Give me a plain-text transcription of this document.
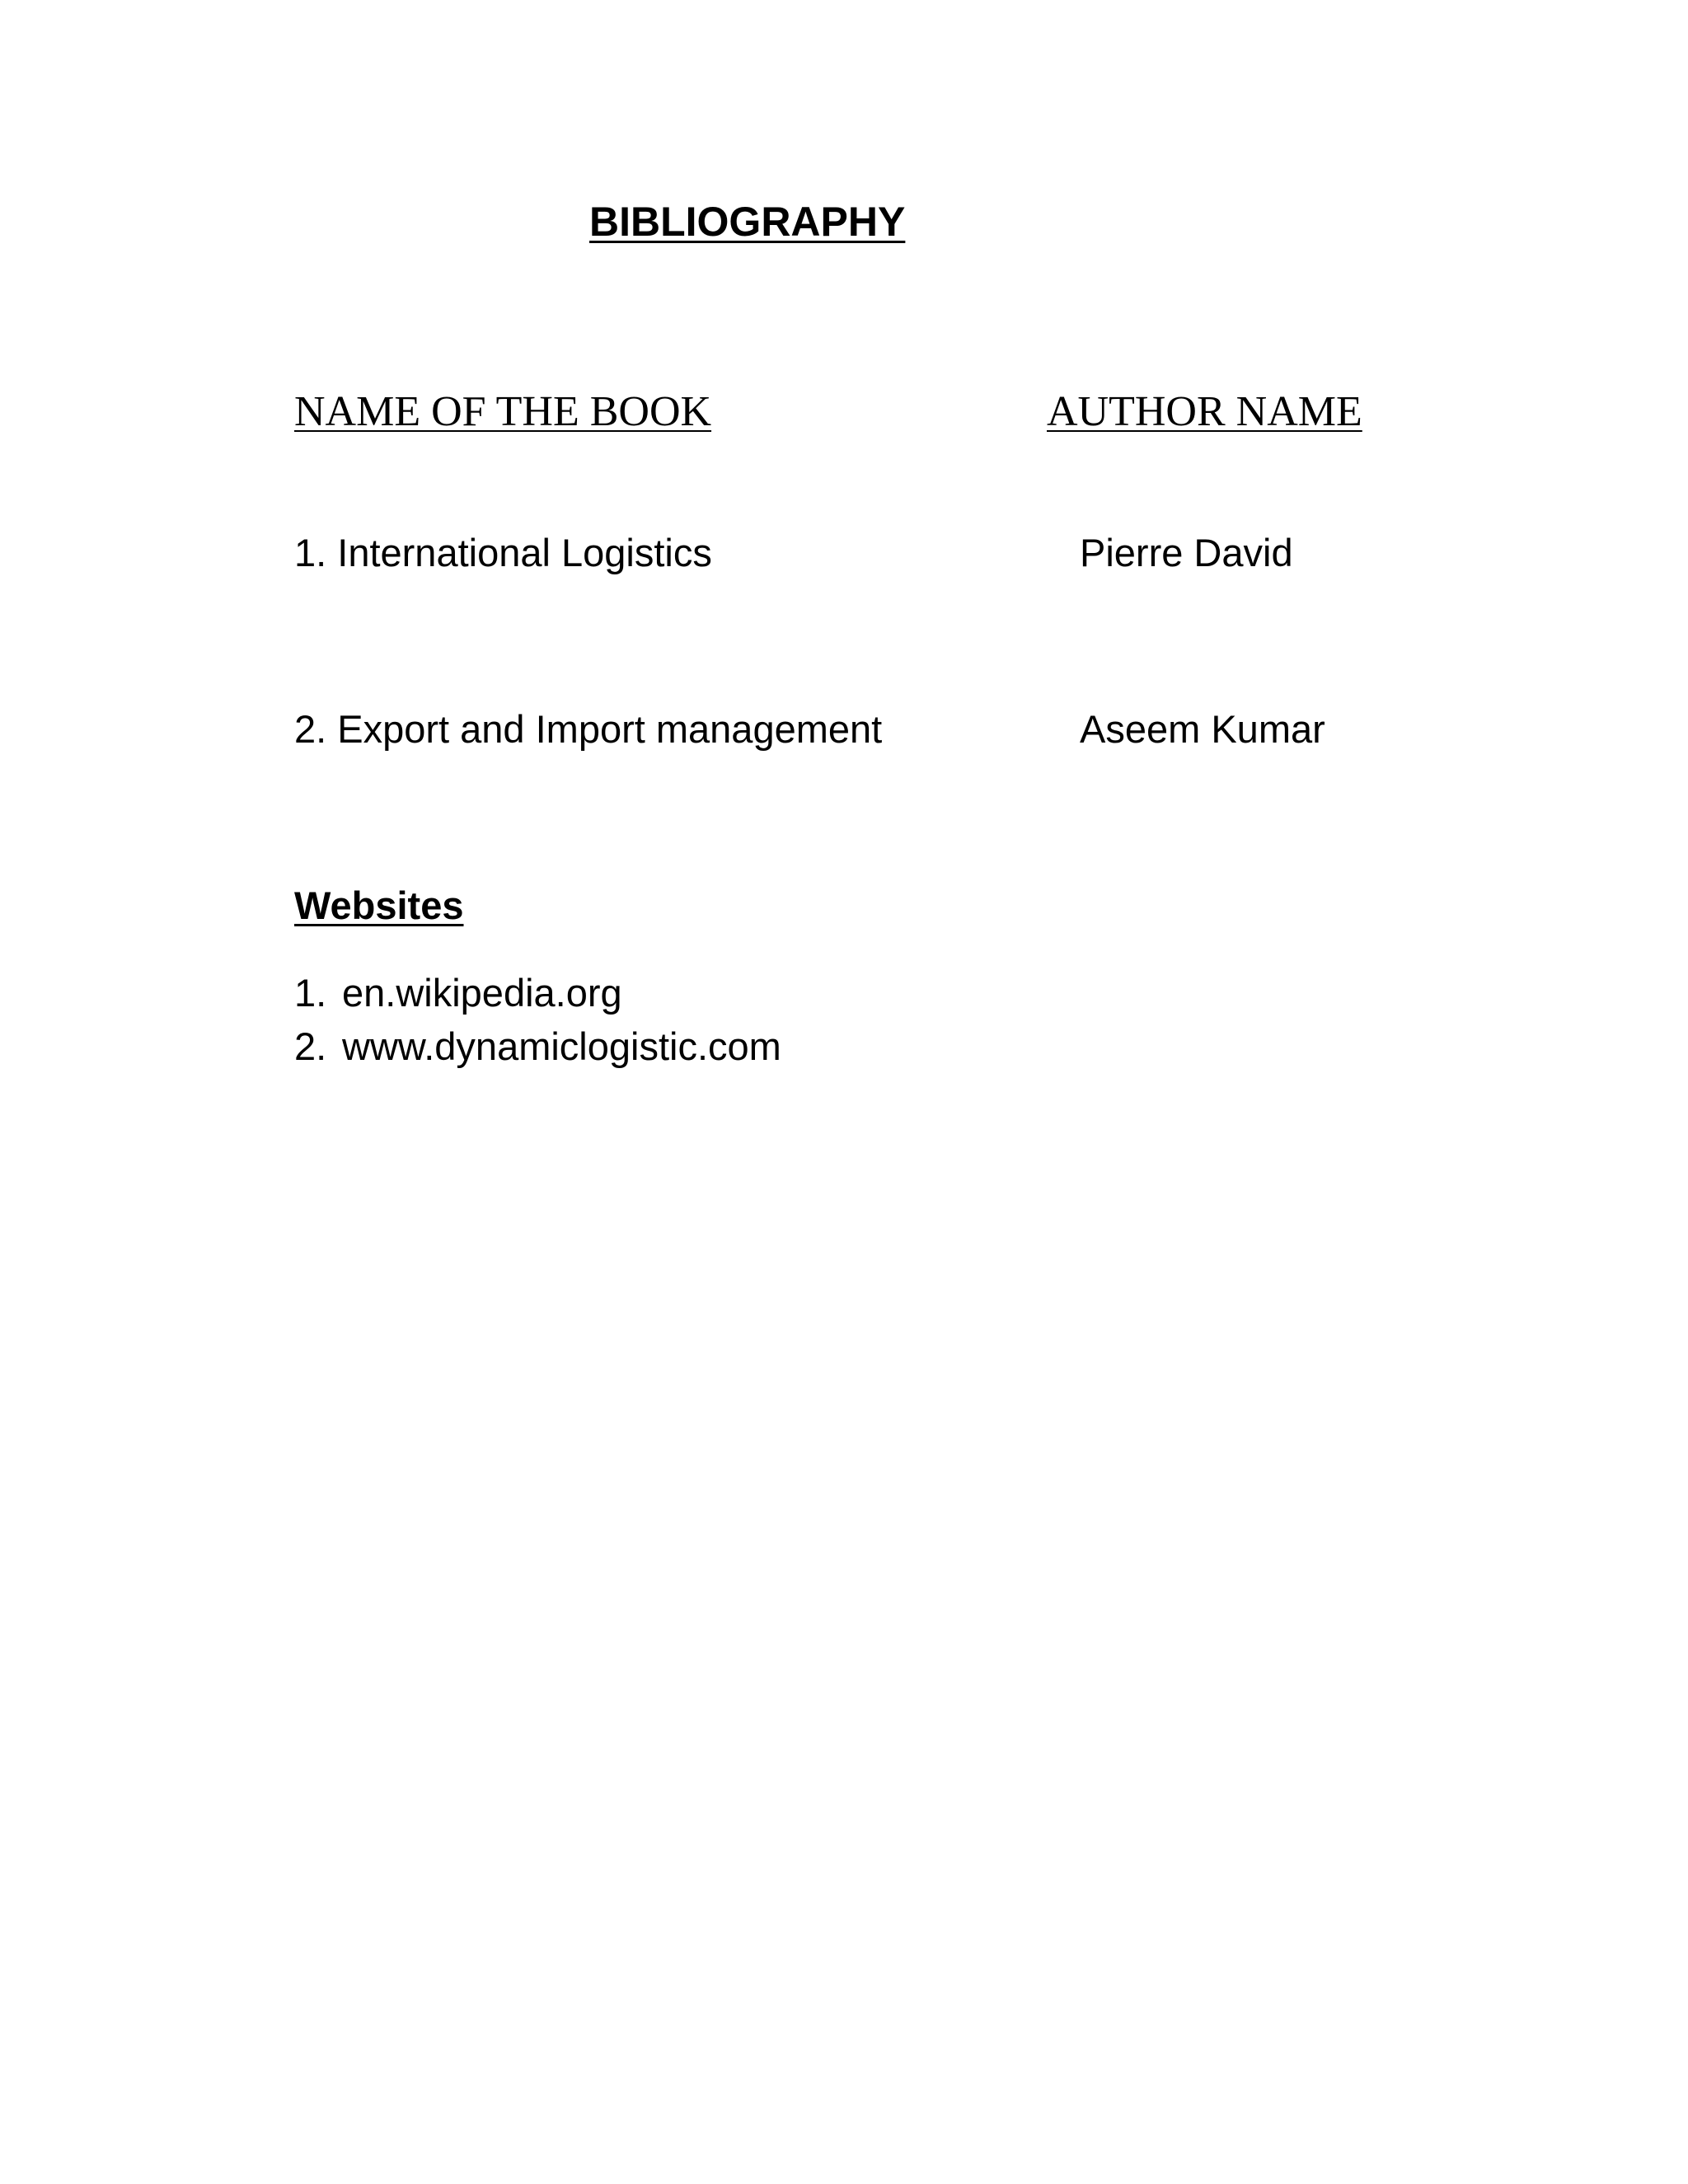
BIBLIOGRAPHY
NAME OF THE BOOK	AUTHOR NAME
1. International Logistics	Pierre David
2. Export and Import management	Aseem Kumar
Websites
1. en.wikipedia.org
2. www.dynamiclogistic.com
